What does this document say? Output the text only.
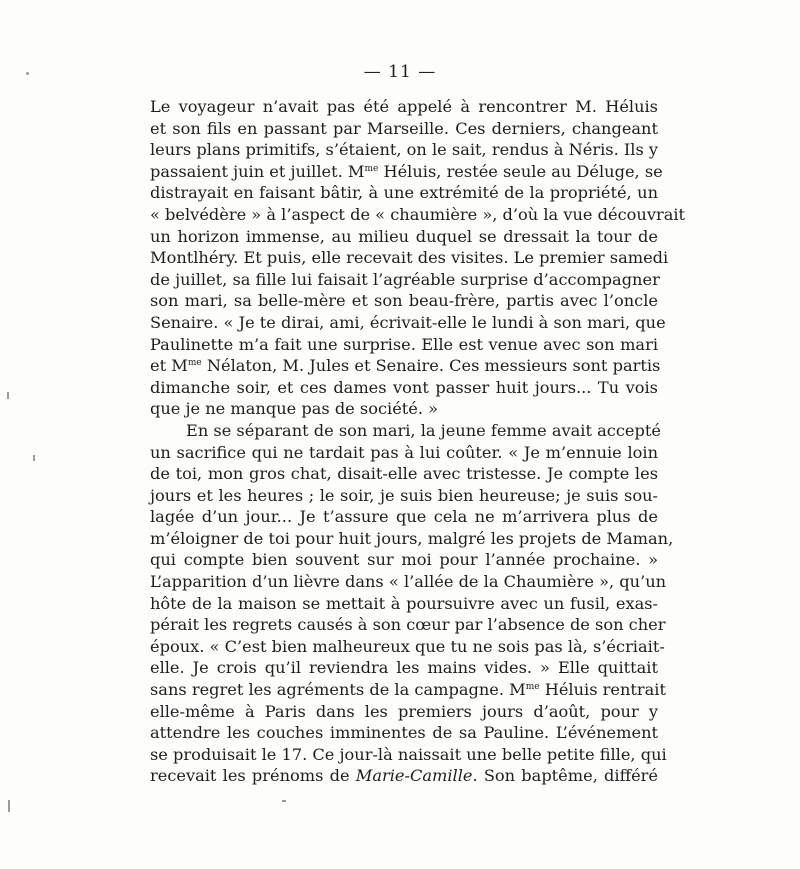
— 11 —
Le voyageur n’avait pas été appelé à rencontrer M. Héluis
et son fils en passant par Marseille. Ces derniers, changeant
leurs plans primitifs, s’étaient, on le sait, rendus à Néris. Ils y
passaient juin et juillet. $M^{me}$ Héluis, restée seule au Déluge, se
distrayait en faisant bâtir, à une extrémité de la propriété, un
« belvédère » à l’aspect de « chaumière », d’où la vue découvrait
un horizon immense, au milieu duquel se dressait la tour de
Montlhéry. Et puis, elle recevait des visites. Le premier samedi
de juillet, sa fille lui faisait l’agréable surprise d’accompagner
son mari, sa belle-mère et son beau-frère, partis avec l’oncle
Senaire. « Je te dirai, ami, écrivait-elle le lundi à son mari, que
Paulinette m’a fait une surprise. Elle est venue avec son mari
et $M^{me}$ Nélaton, M. Jules et Senaire. Ces messieurs sont partis
dimanche soir, et ces dames vont passer huit jours... Tu vois
que je ne manque pas de société. »
En se séparant de son mari, la jeune femme avait accepté
un sacrifice qui ne tardait pas à lui coûter. « Je m’ennuie loin
de toi, mon gros chat, disait-elle avec tristesse. Je compte les
jours et les heures ; le soir, je suis bien heureuse; je suis sou-
lagée d’un jour... Je t’assure que cela ne m’arrivera plus de
m’éloigner de toi pour huit jours, malgré les projets de Maman,
qui compte bien souvent sur moi pour l’année prochaine. »
L’apparition d’un lièvre dans « l’allée de la Chaumière », qu’un
hôte de la maison se mettait à poursuivre avec un fusil, exas-
pérait les regrets causés à son cœur par l’absence de son cher
époux. « C’est bien malheureux que tu ne sois pas là, s’écriait-
elle. Je crois qu’il reviendra les mains vides. » Elle quittait
sans regret les agréments de la campagne. $M^{me}$ Héluis rentrait
elle-même à Paris dans les premiers jours d’août, pour y
attendre les couches imminentes de sa Pauline. L’événement
se produisait le 17. Ce jour-là naissait une belle petite fille, qui
recevait les prénoms de Marie-Camille. Son baptême, différé
